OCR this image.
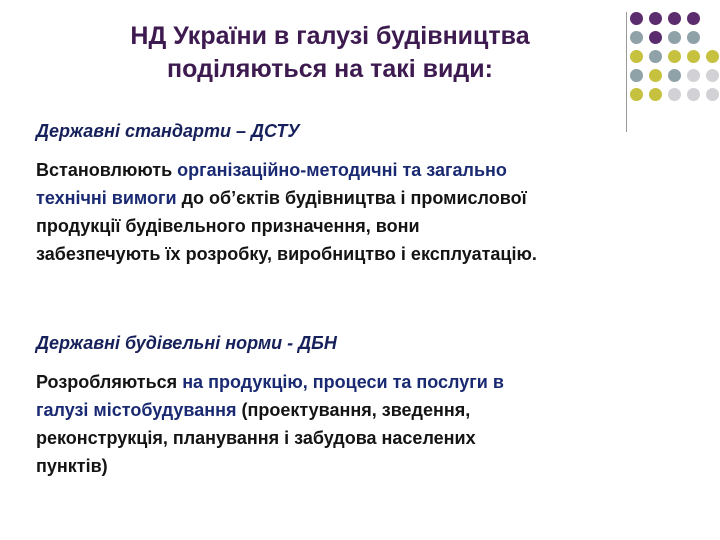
НД України в галузі будівництва
поділяються на такі види:
Державні стандарти – ДСТУ
Встановлюють організаційно-методичні та загально
технічні вимоги до об’єктів будівництва і промислової
продукції будівельного призначення, вони
забезпечують їх розробку, виробництво і експлуатацію.
Державні будівельні норми - ДБН
Розробляються на продукцію, процеси та послуги в
галузі містобудування (проектування, зведення,
реконструкція, планування і забудова населених
пунктів)
